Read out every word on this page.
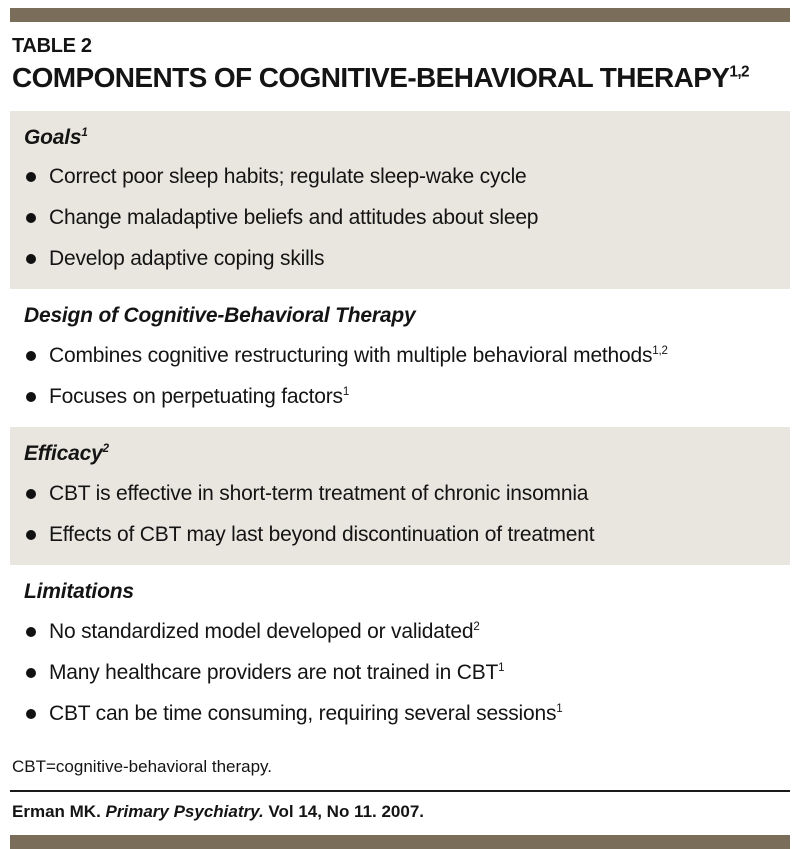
TABLE 2
COMPONENTS OF COGNITIVE-BEHAVIORAL THERAPY$^{1,2}$
Goals$^1$
Correct poor sleep habits; regulate sleep-wake cycle
Change maladaptive beliefs and attitudes about sleep
Develop adaptive coping skills
Design of Cognitive-Behavioral Therapy
Combines cognitive restructuring with multiple behavioral methods$^{1,2}$
Focuses on perpetuating factors$^1$
Efficacy$^2$
CBT is effective in short-term treatment of chronic insomnia
Effects of CBT may last beyond discontinuation of treatment
Limitations
No standardized model developed or validated$^2$
Many healthcare providers are not trained in CBT$^1$
CBT can be time consuming, requiring several sessions$^1$
CBT=cognitive-behavioral therapy.
Erman MK. Primary Psychiatry. Vol 14, No 11. 2007.
